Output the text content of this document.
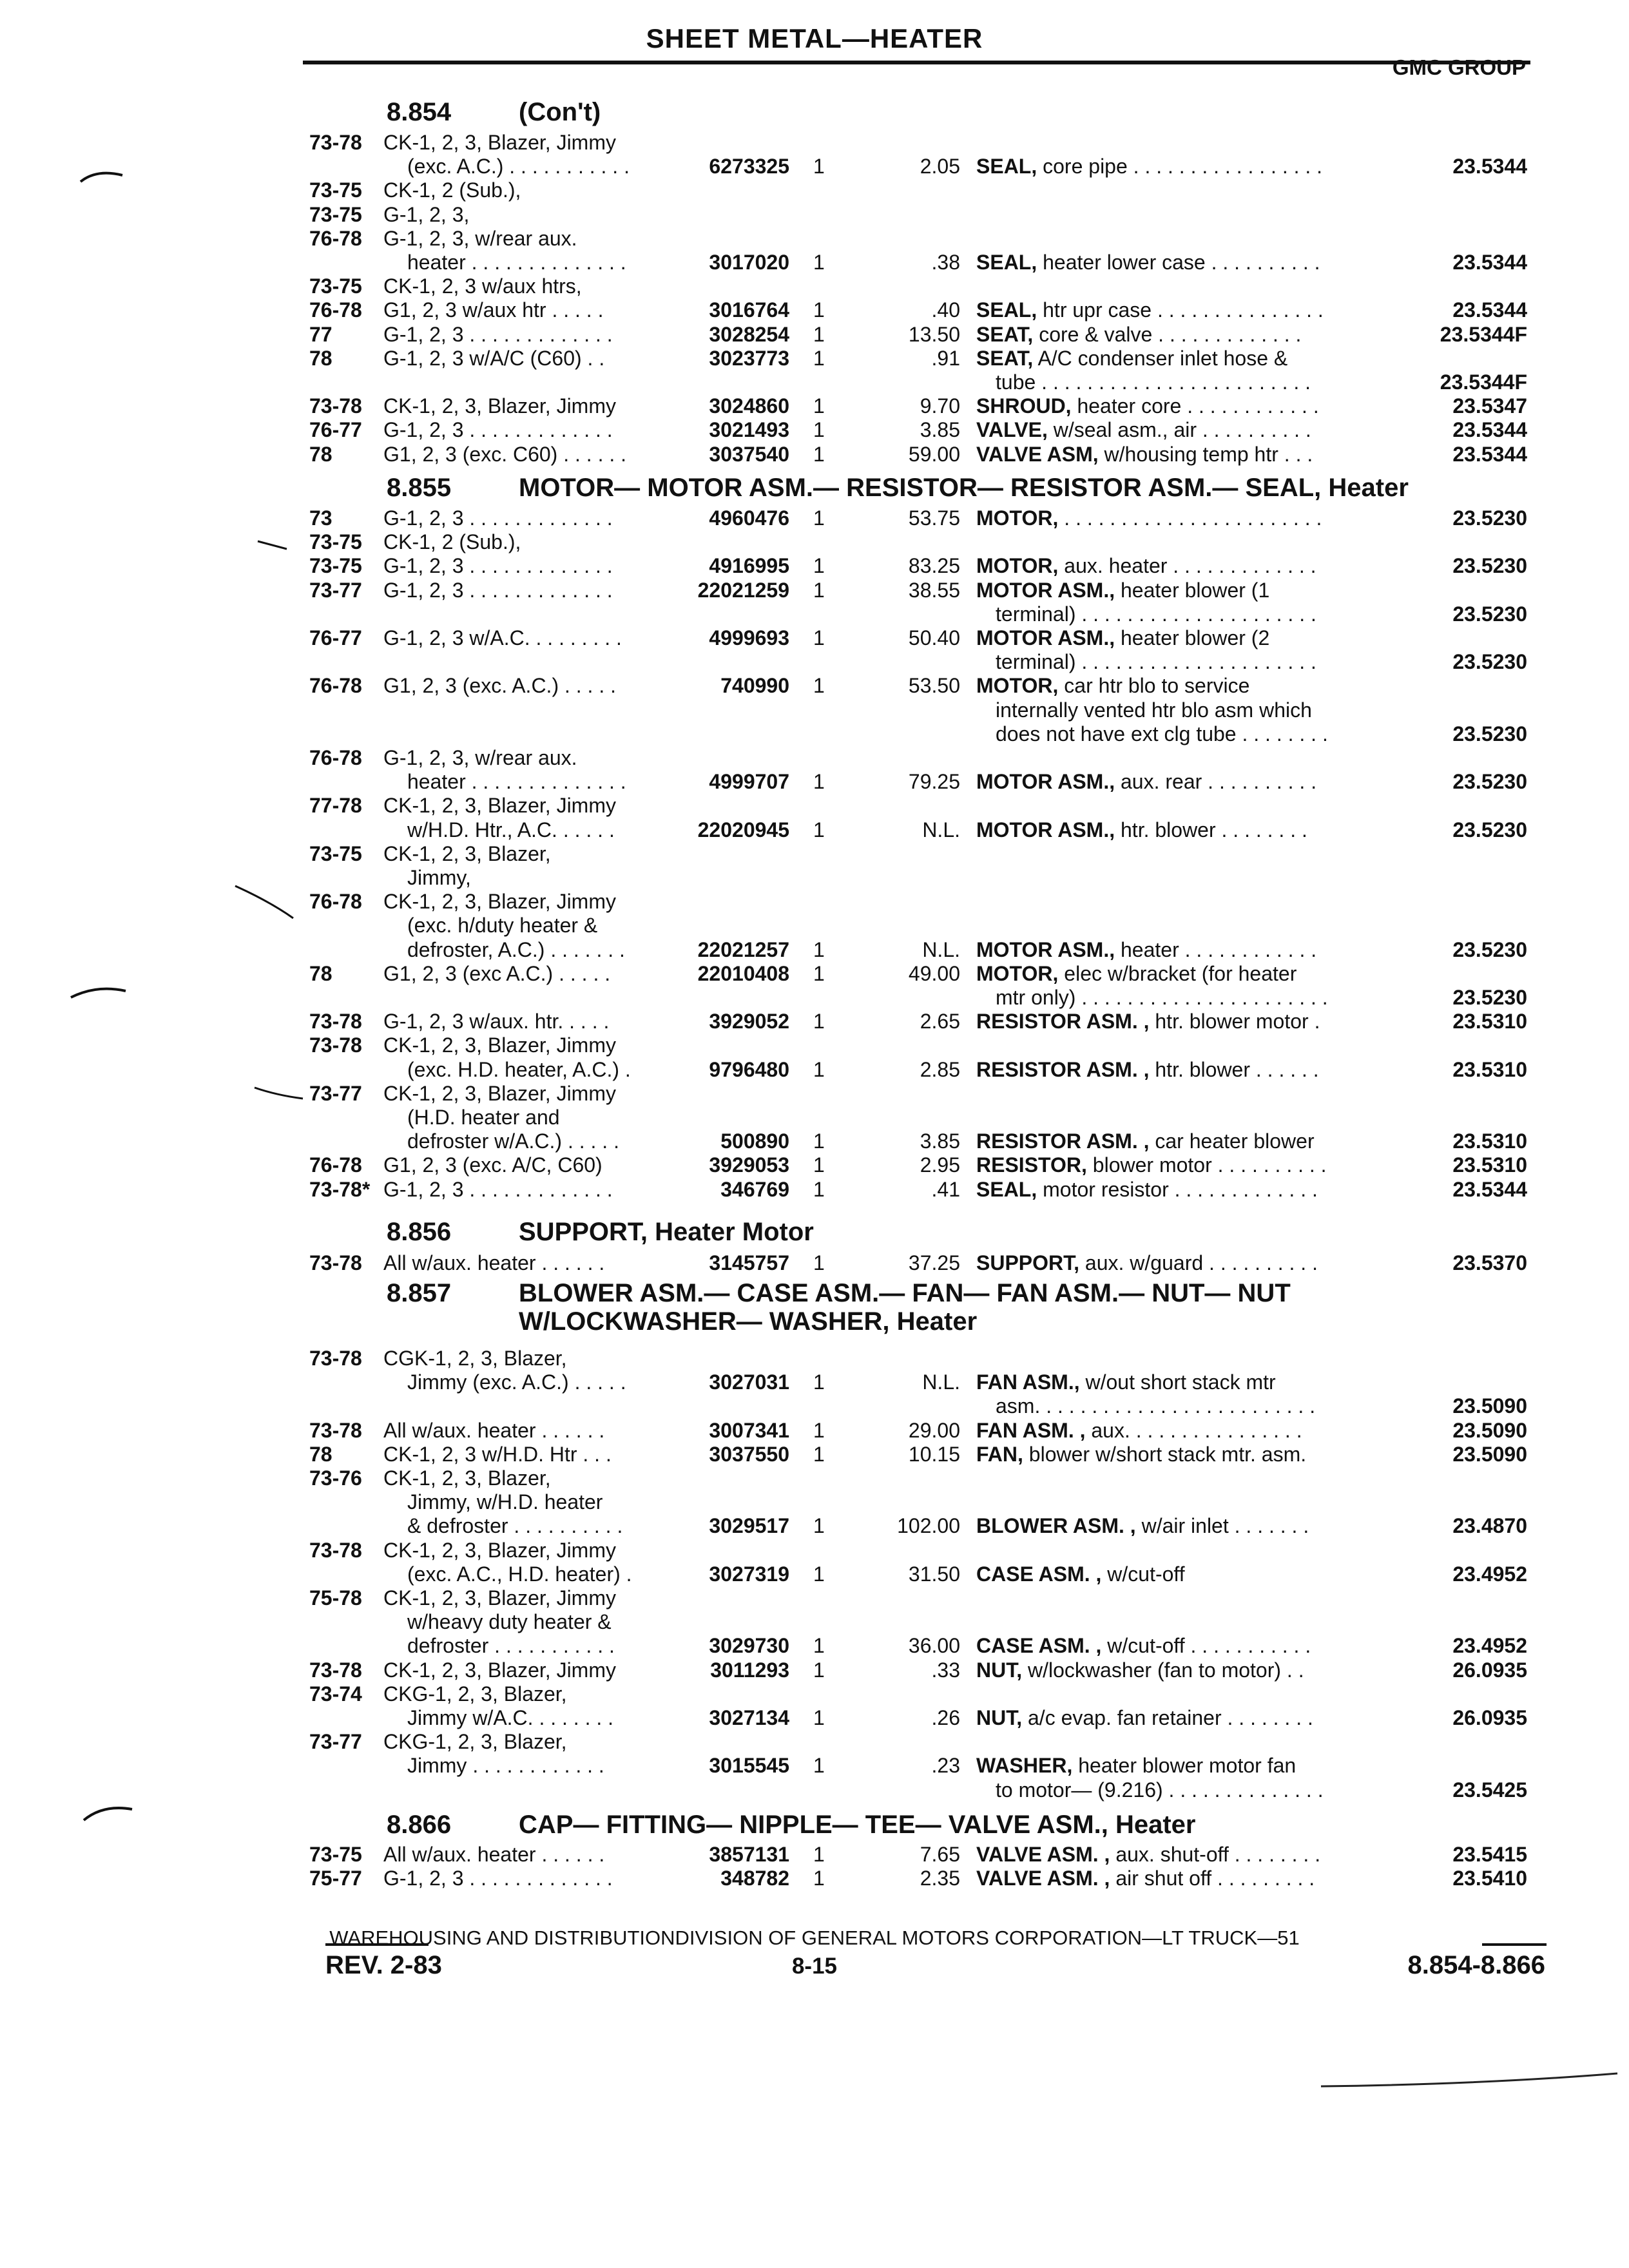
SHEET METAL—HEATER
GMC GROUP
8.854	(Con't)
73-78 CK-1, 2, 3, Blazer, Jimmy
(exc. A.C.) . . . . . . . . . . .	6273325 1	2.05 SEAL, core pipe . . . . . . . . . . . . . . . . .	23.5344
73-75 CK-1, 2 (Sub.),
73-75 G-1, 2, 3,
76-78 G-1, 2, 3, w/rear aux.
heater . . . . . . . . . . . . . .	3017020 1	.38 SEAL, heater lower case . . . . . . . . . .	23.5344
73-75 CK-1, 2, 3 w/aux htrs,
76-78 G1, 2, 3 w/aux htr . . . . .	3016764 1	.40 SEAL, htr upr case . . . . . . . . . . . . . . .	23.5344
77 G-1, 2, 3 . . . . . . . . . . . . .	3028254 1	13.50 SEAT, core & valve . . . . . . . . . . . . .	23.5344F
78 G-1, 2, 3 w/A/C (C60) . .	3023773 1	.91 SEAT, A/C condenser inlet hose &
tube . . . . . . . . . . . . . . . . . . . . . . . .	23.5344F
73-78 CK-1, 2, 3, Blazer, Jimmy	3024860 1	9.70 SHROUD, heater core . . . . . . . . . . . .	23.5347
76-77 G-1, 2, 3 . . . . . . . . . . . . .	3021493 1	3.85 VALVE, w/seal asm., air . . . . . . . . . .	23.5344
78 G1, 2, 3 (exc. C60) . . . . . .	3037540 1	59.00 VALVE ASM, w/housing temp htr . . .	23.5344
8.855	MOTOR— MOTOR ASM.— RESISTOR— RESISTOR ASM.— SEAL, Heater
73 G-1, 2, 3 . . . . . . . . . . . . .	4960476 1	53.75 MOTOR, . . . . . . . . . . . . . . . . . . . . . . .	23.5230
73-75 CK-1, 2 (Sub.),
73-75 G-1, 2, 3 . . . . . . . . . . . . .	4916995 1	83.25 MOTOR, aux. heater . . . . . . . . . . . . .	23.5230
73-77 G-1, 2, 3 . . . . . . . . . . . . .	22021259 1	38.55 MOTOR ASM., heater blower (1
terminal) . . . . . . . . . . . . . . . . . . . . .	23.5230
76-77 G-1, 2, 3 w/A.C. . . . . . . . .	4999693 1	50.40 MOTOR ASM., heater blower (2
terminal) . . . . . . . . . . . . . . . . . . . . .	23.5230
76-78 G1, 2, 3 (exc. A.C.) . . . . .	740990 1	53.50 MOTOR, car htr blo to service
internally vented htr blo asm which
does not have ext clg tube . . . . . . . .	23.5230
76-78 G-1, 2, 3, w/rear aux.
heater . . . . . . . . . . . . . .	4999707 1	79.25 MOTOR ASM., aux. rear . . . . . . . . . .	23.5230
77-78 CK-1, 2, 3, Blazer, Jimmy
w/H.D. Htr., A.C. . . . . .	22020945 1	N.L. MOTOR ASM., htr. blower . . . . . . . .	23.5230
73-75 CK-1, 2, 3, Blazer,
Jimmy,
76-78 CK-1, 2, 3, Blazer, Jimmy
(exc. h/duty heater &
defroster, A.C.) . . . . . . .	22021257 1	N.L. MOTOR ASM., heater . . . . . . . . . . . .	23.5230
78 G1, 2, 3 (exc A.C.) . . . . .	22010408 1	49.00 MOTOR, elec w/bracket (for heater
mtr only) . . . . . . . . . . . . . . . . . . . . . .	23.5230
73-78 G-1, 2, 3 w/aux. htr. . . . .	3929052 1	2.65 RESISTOR ASM. , htr. blower motor .	23.5310
73-78 CK-1, 2, 3, Blazer, Jimmy
(exc. H.D. heater, A.C.) .	9796480 1	2.85 RESISTOR ASM. , htr. blower . . . . . .	23.5310
73-77 CK-1, 2, 3, Blazer, Jimmy
(H.D. heater and
defroster w/A.C.) . . . . .	500890 1	3.85 RESISTOR ASM. , car heater blower	23.5310
76-78 G1, 2, 3 (exc. A/C, C60)	3929053 1	2.95 RESISTOR, blower motor . . . . . . . . . .	23.5310
73-78* G-1, 2, 3 . . . . . . . . . . . . .	346769 1	.41 SEAL, motor resistor . . . . . . . . . . . . .	23.5344
8.856	SUPPORT, Heater Motor
73-78 All w/aux. heater . . . . . .	3145757 1	37.25 SUPPORT, aux. w/guard . . . . . . . . . .	23.5370
8.857	BLOWER ASM.— CASE ASM.— FAN— FAN ASM.— NUT— NUT
W/LOCKWASHER— WASHER, Heater
73-78 CGK-1, 2, 3, Blazer,
Jimmy (exc. A.C.) . . . . .	3027031 1	N.L. FAN ASM., w/out short stack mtr
asm. . . . . . . . . . . . . . . . . . . . . . . . .	23.5090
73-78 All w/aux. heater . . . . . .	3007341 1	29.00 FAN ASM. , aux. . . . . . . . . . . . . . . .	23.5090
78 CK-1, 2, 3 w/H.D. Htr . . .	3037550 1	10.15 FAN, blower w/short stack mtr. asm.	23.5090
73-76 CK-1, 2, 3, Blazer,
Jimmy, w/H.D. heater
& defroster . . . . . . . . . .	3029517 1	102.00 BLOWER ASM. , w/air inlet . . . . . . .	23.4870
73-78 CK-1, 2, 3, Blazer, Jimmy
(exc. A.C., H.D. heater) .	3027319 1	31.50 CASE ASM. , w/cut-off	23.4952
75-78 CK-1, 2, 3, Blazer, Jimmy
w/heavy duty heater &
defroster . . . . . . . . . . .	3029730 1	36.00 CASE ASM. , w/cut-off . . . . . . . . . . .	23.4952
73-78 CK-1, 2, 3, Blazer, Jimmy	3011293 1	.33 NUT, w/lockwasher (fan to motor) . .	26.0935
73-74 CKG-1, 2, 3, Blazer,
Jimmy w/A.C. . . . . . . .	3027134 1	.26 NUT, a/c evap. fan retainer . . . . . . . .	26.0935
73-77 CKG-1, 2, 3, Blazer,
Jimmy . . . . . . . . . . . .	3015545 1	.23 WASHER, heater blower motor fan
to motor— (9.216) . . . . . . . . . . . . . .	23.5425
8.866	CAP— FITTING— NIPPLE— TEE— VALVE ASM., Heater
73-75 All w/aux. heater . . . . . .	3857131 1	7.65 VALVE ASM. , aux. shut-off . . . . . . . .	23.5415
75-77 G-1, 2, 3 . . . . . . . . . . . . .	348782 1	2.35 VALVE ASM. , air shut off . . . . . . . . .	23.5410
WAREHOUSING AND DISTRIBUTIONDIVISION OF GENERAL MOTORS CORPORATION—LT TRUCK—51
REV. 2-83	8-15	8.854-8.866
